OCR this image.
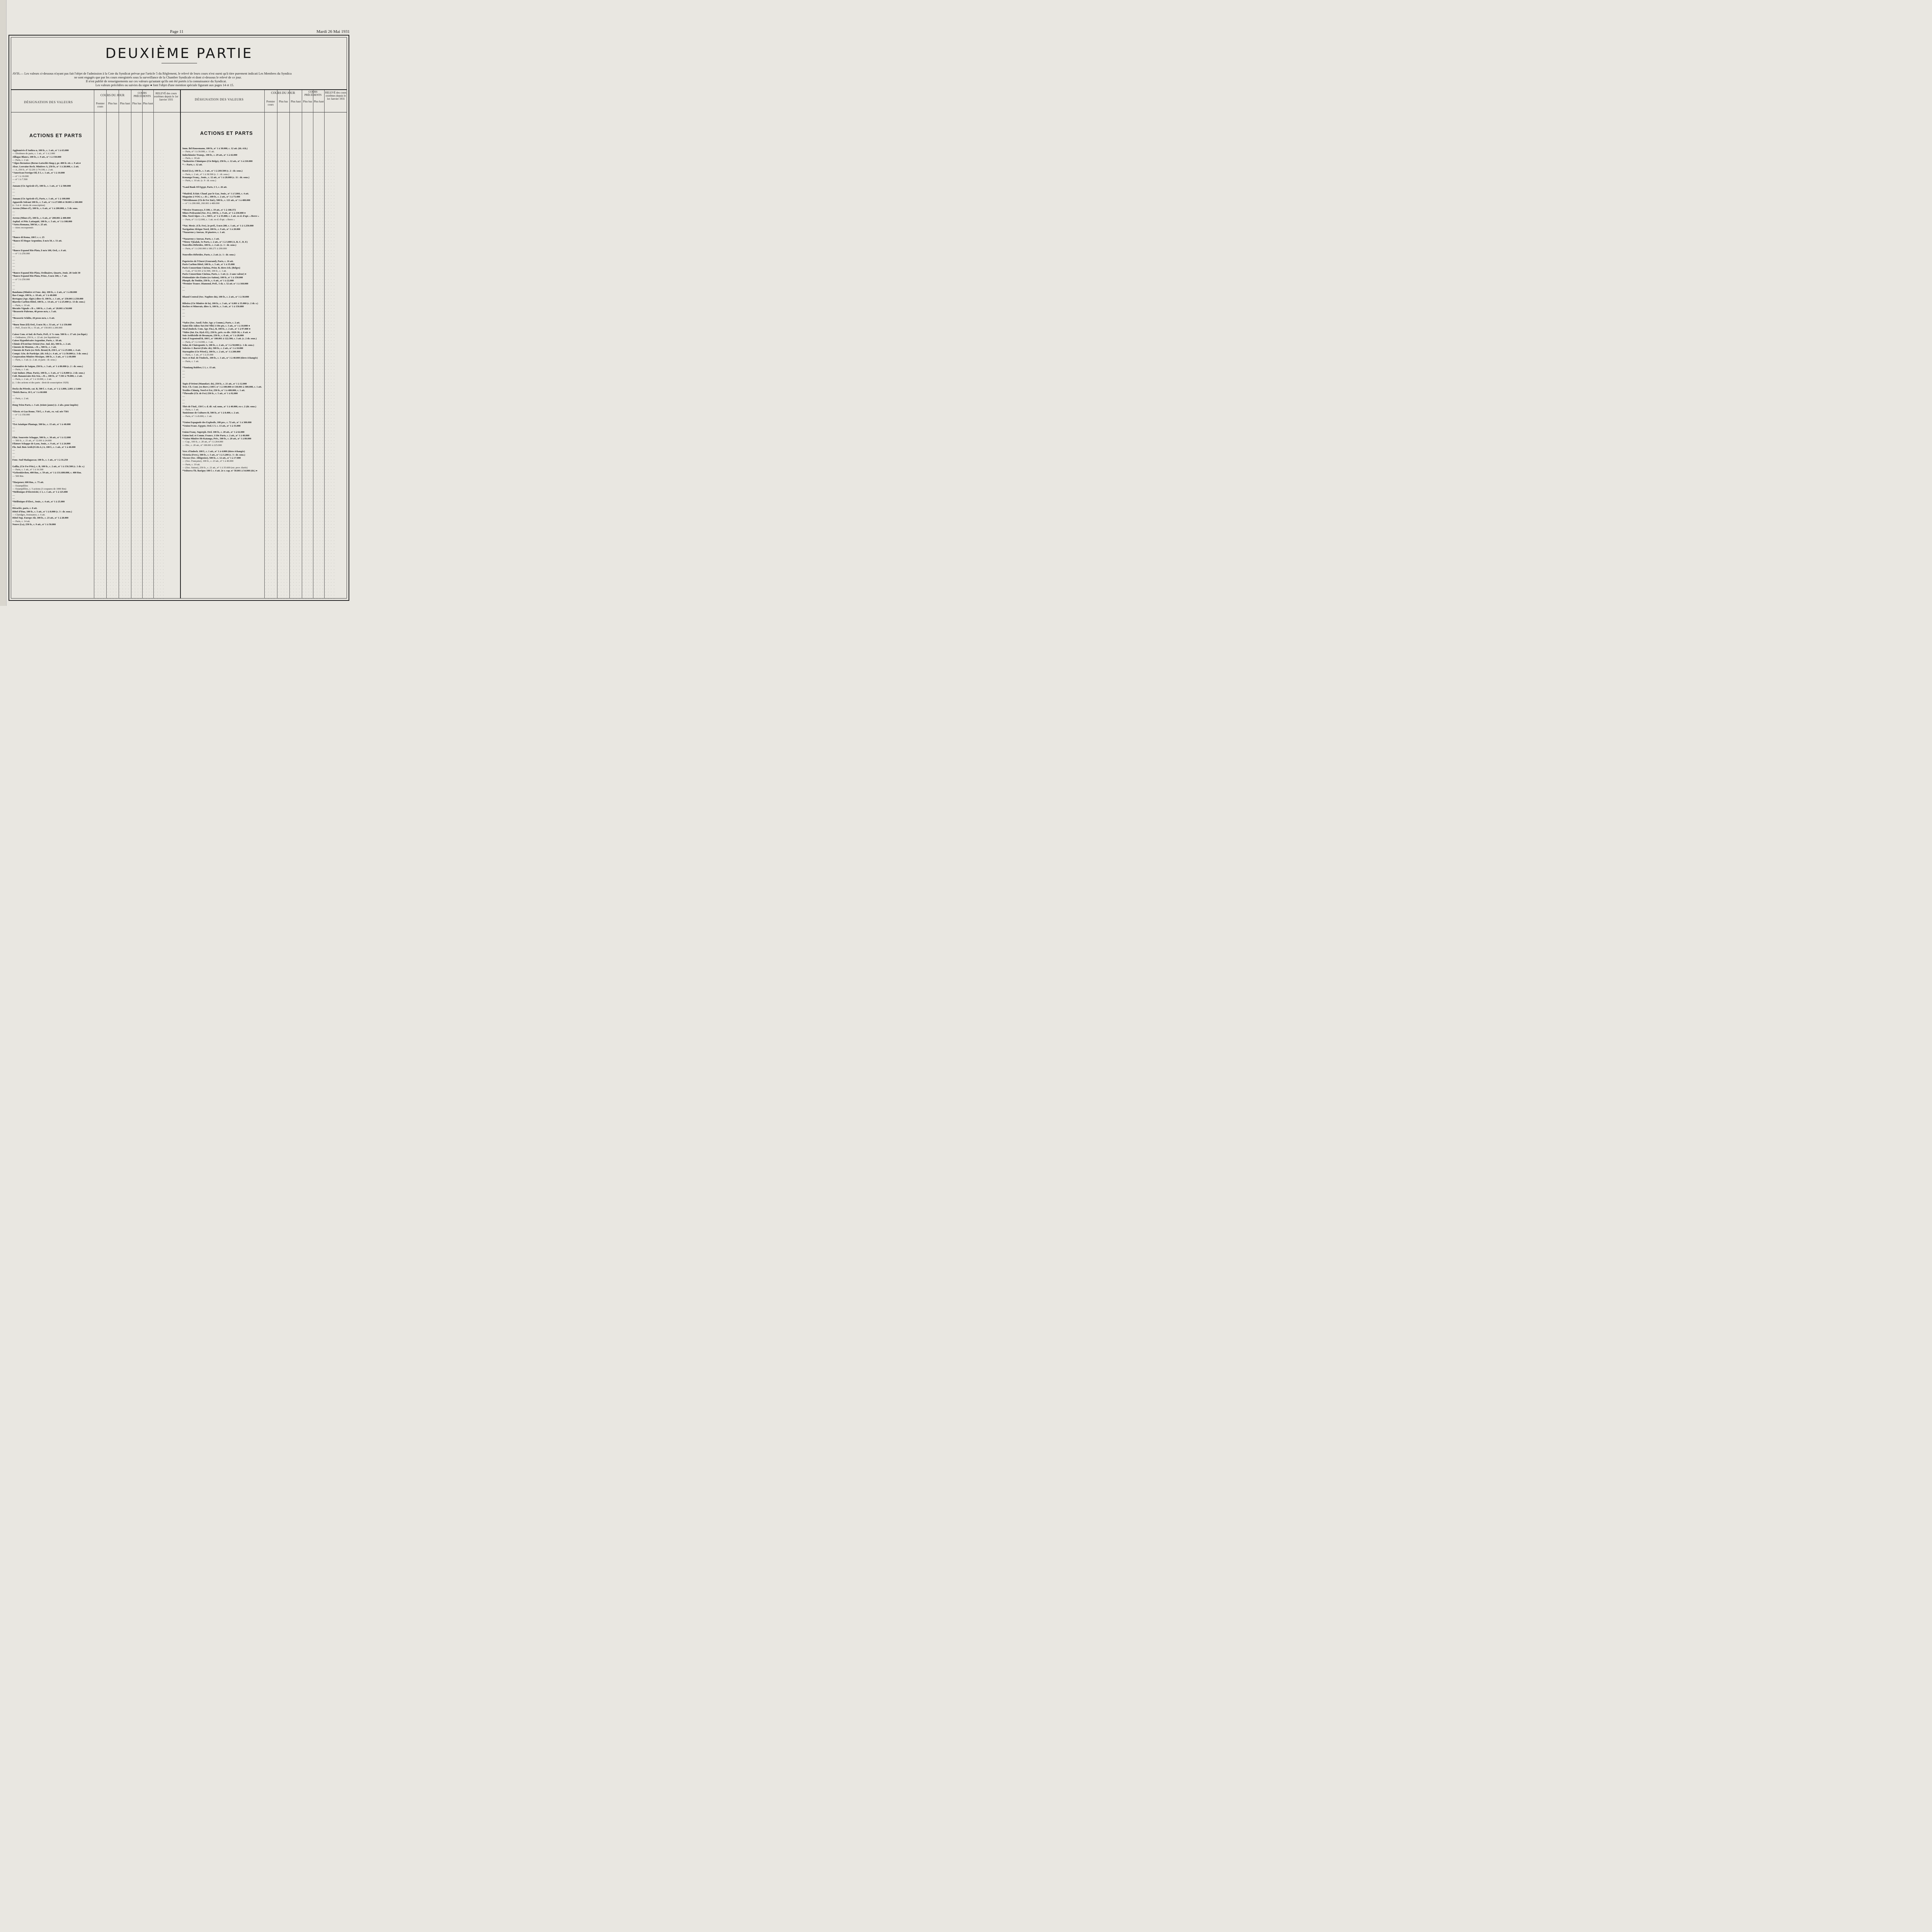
Page 11	Mardi 26 Mai 1931
DEUXIÈME PARTIE
AVIS.— Les valeurs ci-dessous n'ayant pas fait l'objet de l'admission à la Cote du Syndicat prévue par l'article 5 du Règlement, le relevé de leurs cours n'est ourni qu'à titre purement indicati Les Membres du Syndica
ne sont engagés que par les cours enregistrés sous la surveillance de la Chambre Syndicale et dont ci-dessous le relevé de ce jour.
Il n'est publié de renseignements sur ces valeurs qu'autant qu'ils ont été portés à la connaissance du Syndicat.
Les valeurs précédées ou suivies du signe ● font l'objet d'une mention spéciale figurant aux pages 14 et 15.
DÉSIGNATION DES VALEURS
COURS DU JOUR
Premier cours
Plus bas	Plus haut
COURS PRÉCÉDENTS
Plus bas Plus haut
RELEVÉ des cours extrêmes depuis le 1er Janvier 1931	DÉSIGNATION DES VALEURS
COURS DU JOUR
Premier cours
Plus bas	Plus haut
COURS PRÉCÉDENTS
Plus bas Plus haut
RELEVÉ des cours extrêmes depuis le 1er Janvier 1931
ACTIONS ET PARTS	ACTIONS ET PARTS
Agglomérés d'Anthra n, 100 fr., c. 1 att., n° 1 à 63.000
— Dixièmes de parts, c. 1 att., n° 1 à 2.000
Alllagas Blancs, 100 fr., c. 9 att., n° 1 à 150.000
— Parts, c. 2 att.
*Alpes Bernoises (Berne-Lœtschb-Simp.), pr. 400 fr. ett. c. 9 att.●
Alsac. Lorraine Rech. Minières A, 250 fr., n° 1 à 28.000, c. 2 att.
— A, 250 fr., n° 32.201 à 74.100, c. 2 att.
*American Foreign Oil, $ 5, c. 1 att., n° 1 à 10.000
— n° 1 à 10.000
— n° 1 à 7.500
—
Annam (Cie Agricole d'), 100 fr., c. 1 att., n° 1 à 500.000
—
—
—
Annam (Cie Agricole d'), Parts, c. 1 att., n° 1 à 100.000
Appareils Solraut 100 fr., c. 5 att., n° 1 à 27.000 et 30.001 à 100.000
(c. 3 et 4 : droits de souscription)
Arrens (Mines d'), 100 fr., c. 6 att., n° 1 à 200.000, c. 5 dr. sous.
—
—
Arrens (Mines d'), 100 fr., c. 6 att., n° 200.001 à 400.000
Asphal. et Pétr. Lattaquié, 100 fr., c. 5 att., n° 1 à 108.000
*Astra Romana, 500 lei, c. 25 att.
— titres recoupennés
—
*Banco di Roma, 100 l. c. c. 25
*Banco El Hogar Argentino, $ m/n 50, c. 51 att.
—
—
*Banco Espanol Rio Plata, $ m/n 100, Ord., c. 6 att.
— n° 1 à 250.000
—
—
—
—
—
*Banco Espanol Rio Plata, Ordinaires, Quarts, Jouis. 20 Août 30
*Banco Espanol Rio Plata, Prior., $ m/n 100, c. 7 att.
— n° 3 à 250.000
—
—
—
Bandama (Minière et Fonc. du), 100 fr., c. 2 att., n° 1 à 88.000
Bas-Congo, 100 fr., c. 18 att., n° 1 à 40.000
Bertagna (Agr. Algér.) dites O, 100 fr., c. 1 att., n° 250.001 à 250.000
Biarritz Carlton Hôtel, 100 fr., c. 14 att., n° 1 à 25.000 (c. 13 dr. sous.)
— Parts, c. 10 att.
Biscuits Vignals « B », 100 fr., c. 2 att., n° 20.001 à 50.000
*Brasserie Palermo, 40 pesos m/n, c. 5 att.
—
*Brasserie Schiltz, 20 pesos m/n, c. 6 att.
—
*Buen Tono (El) Ord., $ m/n 50, c. 53 att., n° 1 à 150.000
— Préf., $ m/n 50, c. 55 att., n° 150.001 à 200.000
Caisse Com. et Ind. de Paris, Préf., 6 % cum. 500 fr. c. 17 att. (en liqui.)
— Ordinaires, 250 fr., c. 22 att. (en liquidation)
Caisse Hypothécaire Argentine, Parts, c. 18 att.
Chimie d'Extrême-Orient (Soc. Ind. de), 500 fr., c. 2 att.
Ciments de Monton, « B », 500 fr., c. 1 att.
Ciments de Paris (ex-Web. Bront) B, 250 f., n° 1 à 25.000, c. 4 att.
Compt. Gén. de Participe. (tit. éch.) c. 4 att., n° 1 à 50.000 (c. 3 dr. sous.)
Corporation Minière Mexique, 100 fr., c. 3 att., n° 1 à 60.000
— Parts, c. 3 att. (c. 2 att. et parts : dr. sous.)
Cotonnière de Saïgon, 250 fr., c. 3 att., n° 1 à 80.000 (c. 2 : dr. sous.)
— Parts, c. 1 att.
Cuir Indust. (Man. Paris), 100 fr., c. 3 att., n° 1 à 8.000 (c. 2 dr. sous.)
Cult. Bananeraies Kis-Sen, « B », 100 fr., n° 7.501 à 70.000, c. 2 att.
— Parts, c. 2 att., n° 1 à 10.000, c. 2 att.
(c. 1 des actions et des parts : droit de souscription 1929)
Docks du Pétrole, cat. B, 500 f. c. 4 att., n° 1 à 1.800, 2.801 à 5.000
*Dolck Barca, 10 £, n° 1 à 60.000
—
— Parts, c. 2 att.
—
Dong Trieu Parts, c. 3 att. (teinte jaune) (c. 2 abs. pour impôts)
*Electr. et Gaz Rome, 750 l., c. 9 att., ex. val. née 7501
— n° 1 à 150.000
—
—
*Est Asiatique Plantage, 500 kr., c. 15 att., n° 1 à 40.000
—
—
Filat. Sourrette Schappe, 500 fr., c. 30 att., n° 1 à 12.000
— 500 fr., c. 21 att., n° 12.001 à 24.000
Filature Schappe de Lyon, Jouis., c. 9 att., n° 1 à 24.000
Flo. Ind. Bois Artif.(F.I.B.A.) A, 100 f., c. 1 att., n° 1 à 48.000
—
—
—
Fonc. Sud Madagascar, 100 fr., c. 1 att., n° 1 à 16.250
Gallia, (Cie Fse Pétr.), c. B, 100 fr., c. 2 att., n° 1 à 156.500 (c. 1 dr. s.)
— Parts, c. 1 att., n° 1 à 16.500
*Gelsenkirchen, 400 Rm., c. 59 att., n° 1 à 131.600.000, c. 400 Rm.
— 500 Rm.
*Harpener, 600 Rm., c. 75 att.
— Estampillées
— Estampillées, c. 5 actions (3 coupures de 1000 Rm)
*Hellénique d'Electricité, £ 1, c. 1 att., n° 1 à 125.000
—
—
*Hellénique d'Elect., Jouis., c. 4 att., n° 1 à 25.000
—
Héraclée, parts, c. 8 att.
Hôtel d'léna, 100 fr., c. 5 att., n° 1 à 8.000 (c. 3 : dr. sous.)
— Claridges, Jouissance, c. 6 att.
Hôtel Sup. Europe Alt, 100 fr., c. 23 att., n° 1 à 28.000
— Parts, c. 14 att.
Nouve (La), 250 fr., c. 9 att., n° 1 à 50.000
Imm. Bd Haussmann, 100 fr., n° 1 à 30.000, c. 12 att. (tit. éch.)
— Parts, n° 1 à 30.000, c. 11 att.
Indochinoise Transp., 100 fr., c. 29 att., n° 1 à 42.000
— Parts, c. 18 att.
*Industries Chimiques (Cie Belge), 250 fr., c. 12 att., n° 1 à 210.000
*— Parts, c. 12 att.
Kotol (Le), 100 fr., c. 3 att., n° 1 à 269.500 (c. 2 : dr. sous.)
— Parts, c. 2 att., n° 1 à 38.500 (c. 1 : dr. sous.)
Kouango Franç., Jouis., c. 12 att., n° 1 à 28.000 (c. 11 : dr. sous.)
— Parts, c. 10 att. (c. 9 : dr. sous.)
*Land Bank Of Egypt, Parts, £ 5, c. 26 att.
*Madrid, Eclair. Chauf. par le Gaz, Jouis., n° 1 à 5.866, c. 4 att.
Magasins à VOG s, « B », 100 fr., c. 2 att., n° 1 à 73.400
*Méridionaux (Ch de Fer Ital.), 500 fr., c. 121 att., n° 1 à 480.000
— n° 1 à 200.000, 260.001 à 480.000
*Mexico Tramways, $ 100, c. 19 att., n° 1 à 108.372
Mines Pedrazzini (Soc. Fr.), 100 fr., c. 9 att., n° 1 à 230.000 ●
Min. Nord Alpes « A », 500 f., n° 1 à 35.000, c. 1 att. ex-d. d'opt. « Berre »
— Parts, n° 1 à 12.000, c. 1 att. ex-d. d'opt. « Berre »
*Nat. Mexic. (Ch. Fer), 2e préf., $ m/n 200, c. 1 att., n° 1 à 1.250.000
Navigation Afrique Nord, 100 fr., c. 9 att., n° 1 à 20.000
*Nazareno y Anexas, 10 piastres, c. 1 att.
*Nazareno y Anexas, Parts, c. 1 att.
*Nieuw Tjisalak, 5e Parts, c. 2 att., n° 1 à 3.000 (A, B, C, D, E)
Nouvelles-Hébrides, 100 fr., c. 2 att. (c. 1 : dr. sous.)
— Parts, n° 1 à 260.000 à 180.271 à 290.000
Nouvelles-Hébrides, Parts, c. 2 att. (c. 1 : dr. sous.)
Papeteries de l'Ouest (Gourand), Parts, c. 16 att.
Paris Carlton Hôtel, 100 fr., c. 5 att., n° 1 à 35.000
Paris-Consortium Cinéma, Prior. B, titres éch. (Belges)
— 5 att., n° 52.501 à 52.500, 100 fr., c. 1 att.
Paris-Consortium Cinéma, Parts, c. 1 att. (c. 2 sans valeur) ●
Péninsulaire des Etains (ex-Saïton), 100 fr., n° 1 à 150.000
Phosph. du Tonkin, 250 fr., c. 6 att., n° 1 à 22.000
*Premier Transv. Diamond, Préf., 5 sh. c. 52 att. n° 1 à 160.000
—
—
Rhand Central (Soc. Naphtes du), 100 fr., c. 2 att., n° 1 à 30.000
Ribeira (Cie Minière de la), 100 fr., c. 3 att., n° 6.001 à 35.000 (c. 2 dr. s.)
Roches et Minerais, dites A, 100 fr., c. 3 att., n° 1 à 150.000
—
—
—
*Safco (Soc. Auxil. Fabr. Agr. y Comm.), Parts, c. 2 att.
Saint-Elie Adieu-Tat (Sté Nlle) 1/10e pts, c. 5 att., n° 1 à 10.000 ●
Sicaf (Indoch. Com. Agr. Fin.), B, 100 fr., c. 2 att., n° 1 à 97.000 ●
*Sidro (Int. En. Hyd.-El.), 250 fr., priv. ex-div. 1929-30, c. 8 att. ●
Soie Artificielle de Besançon, 250 fr., c. 8 att., n° 1 à 28.000
Soie d'Argenteuil B, 100 f., n° 100.001 à 122.500, c. 3 att. (c. 2 dr. sous.)
— Parts, n° 1 à 14.000, c. 1 att.
Solar, de Clairegoutte A, 100 fr., c. 2 att., n° 1 à 50.000 (c. 1 dr. sous.)
Soleries J. Barret (Fabr. de), 500 fr., c. 2 att., n° 1 à 10.000
Starnaphte (Cie Pétrol.), 100 fr., c. 2 att., n° 1 à 200.000
— Parts, c. 1 att., n° 1 à 25.000
Sucr. et Raf. de l'Indoch., 100 fr., c. 1 att., n° 1 à 40.000 (titres échangés)
— Parts, c. 1 att.
*Tamiang Rubber, £ 1, c. 15 att.
—
—
—
Tapis d'Orient (Manufact. de), 250 fr., c. 21 att., n° 1 à 12.000
Text. Cb. Cont. (ex-Borv.) 100 f. n° 1 à 100.000 et 130.001 à 300.000, c. 1 att.
Textiles Chimiq. Nord et Est, 250 fr., n° 1 à 400.000, c. 1 att.
*Thessalie (Ch. de Fer) 250 fr., c. 5 att., n° 1 à 92.000
—
—
—
Thés de l'Ind., 150 f. s. d. dé. val. nom., n° 1 à 40.000, ex-c. 2 (dr. sous.)
— Parts, c. 1 att.
Tunisienne de Cultures B, 500 fr., n° 1 à 8.400, c. 2 att.
— Parts, n° 1 à 8.000, c. 1 att.
*Union Espagnole des Explosifs, 100 pes., c. 72 att., n° 1 à 300.000
*Union Franc. Egypte, Ord. £ 5. c. 13 att., n° 1 à 35.000
—
Union Franç. Superph. Ord. 100 fr., c. 20 att., n° 1 à 62.000
Union Ind. et Comm. France, 1/10e Parts, c. 2 att., n° 1 à 40.000
*Union Minière Ht-Katanga, Priv., 500 fr., c. 20 att., n° 1 à 80.000
— Cap., 100 fr., c. 20 att., n° 1 à 264.000
— Div., c. 20 att., n° 100.001 à 225.000
Verr. d'Indoch. 100 f., c. 1 att., n° 1 à 4.000 (titres échangés)
Victoria (Ferr.), 500 fr., c. 5 att., n° 1 à 3.200 (c. 3 : dr. sous.)
Viscose (Soc. Albigeoise), 500 fr., c. 12 att., n° 1 à 17.000
— (Soc. Française), 100 fr., c. 23 att., n° 1 à 40.000
— Parts, c. 19 att.
— (Soc. Suisse), 250 fr., c. 21 att., n° 1 à 35.600 (est. prov. durée)
*Voltorra Th. Barigoy 100 f. c. 4 att. 2e r. cap. n° 50.001 à 54.000 (tit.) ●
· · · ·
· · · ·
· · · ·
· · · ·
· · · ·
· · · ·
· · · ·
· · · ·
· · · ·
· · · ·
· · · ·
· · · ·
· · · ·
· · · ·
· · · ·
· · · ·
· · · ·
· · · ·
· · · ·
· · · ·
· · · ·
· · · ·
· · · ·
· · · ·
· · · ·
· · · ·
· · · ·
· · · ·
· · · ·
· · · ·
· · · ·
· · · ·
· · · ·
· · · ·
· · · ·
· · · ·
· · · ·
· · · ·
· · · ·
· · · ·
· · · ·
· · · ·
· · · ·
· · · ·
· · · ·
· · · ·
· · · ·
· · · ·
· · · ·
· · · ·
· · · ·
· · · ·
· · · ·
· · · ·
· · · ·
· · · ·
· · · ·
· · · ·
· · · ·
· · · ·
· · · ·
· · · ·
· · · ·
· · · ·
· · · ·
· · · ·
· · · ·
· · · ·
· · · ·
· · · ·
· · · ·
· · · ·
· · · ·
· · · ·
· · · ·
· · · ·
· · · ·
· · · ·
· · · ·
· · · ·
· · · ·
· · · ·
· · · ·
· · · ·
· · · ·
· · · ·
· · · ·
· · · ·
· · · ·
· · · ·
· · · ·
· · · ·
· · · ·
· · · ·
· · · ·
· · · ·
· · · ·
· · · ·
· · · ·
· · · ·
· · · ·
· · · ·
· · · ·
· · · ·
· · · ·
· · · ·
· · · ·
· · · ·
· · · ·
· · · ·
· · · ·
· · · ·
· · · ·
· · · ·
· · · ·
· · · ·
· · · ·
· · · ·
· · · ·
· · · ·
· · · ·
· · · ·
· · · ·
· · · ·
· · · ·
· · · ·
· · · ·
· · · ·
· · · ·
· · · ·
· · · ·
· · · ·
· · · ·
· · · ·
· · · ·
· · · ·
· · · ·
· · · ·
· · · ·
· · · ·

· · · ·
· · · ·
· · · ·
· · · ·
· · · ·
· · · ·
· · · ·
· · · ·
· · · ·
· · · ·
· · · ·
· · · ·
· · · ·
· · · ·
· · · ·
· · · ·
· · · ·
· · · ·
· · · ·
· · · ·
· · · ·
· · · ·
· · · ·
· · · ·
· · · ·
· · · ·
· · · ·
· · · ·
· · · ·
· · · ·
· · · ·
· · · ·
· · · ·
· · · ·
· · · ·
· · · ·
· · · ·
· · · ·
· · · ·
· · · ·
· · · ·
· · · ·
· · · ·
· · · ·
· · · ·
· · · ·
· · · ·
· · · ·
· · · ·
· · · ·
· · · ·
· · · ·
· · · ·
· · · ·
· · · ·
· · · ·
· · · ·
· · · ·
· · · ·
· · · ·
· · · ·
· · · ·
· · · ·
· · · ·
· · · ·
· · · ·
· · · ·
· · · ·
· · · ·
· · · ·
· · · ·
· · · ·
· · · ·
· · · ·
· · · ·
· · · ·
· · · ·
· · · ·
· · · ·
· · · ·
· · · ·
· · · ·
· · · ·
· · · ·
· · · ·
· · · ·
· · · ·
· · · ·
· · · ·
· · · ·
· · · ·
· · · ·
· · · ·
· · · ·
· · · ·
· · · ·
· · · ·
· · · ·
· · · ·
· · · ·
· · · ·
· · · ·
· · · ·
· · · ·
· · · ·
· · · ·
· · · ·
· · · ·
· · · ·
· · · ·
· · · ·
· · · ·
· · · ·
· · · ·
· · · ·
· · · ·
· · · ·
· · · ·
· · · ·
· · · ·
· · · ·
· · · ·
· · · ·
· · · ·
· · · ·
· · · ·
· · · ·
· · · ·
· · · ·
· · · ·
· · · ·
· · · ·
· · · ·
· · · ·
· · · ·
· · · ·
· · · ·
· · · ·
· · · ·
· · · ·

· · · ·
· · · ·
· · · ·
· · · ·
· · · ·
· · · ·
· · · ·
· · · ·
· · · ·
· · · ·
· · · ·
· · · ·
· · · ·
· · · ·
· · · ·
· · · ·
· · · ·
· · · ·
· · · ·
· · · ·
· · · ·
· · · ·
· · · ·
· · · ·
· · · ·
· · · ·
· · · ·
· · · ·
· · · ·
· · · ·
· · · ·
· · · ·
· · · ·
· · · ·
· · · ·
· · · ·
· · · ·
· · · ·
· · · ·
· · · ·
· · · ·
· · · ·
· · · ·
· · · ·
· · · ·
· · · ·
· · · ·
· · · ·
· · · ·
· · · ·
· · · ·
· · · ·
· · · ·
· · · ·
· · · ·
· · · ·
· · · ·
· · · ·
· · · ·
· · · ·
· · · ·
· · · ·
· · · ·
· · · ·
· · · ·
· · · ·
· · · ·
· · · ·
· · · ·
· · · ·
· · · ·
· · · ·
· · · ·
· · · ·
· · · ·
· · · ·
· · · ·
· · · ·
· · · ·
· · · ·
· · · ·
· · · ·
· · · ·
· · · ·
· · · ·
· · · ·
· · · ·
· · · ·
· · · ·
· · · ·
· · · ·
· · · ·
· · · ·
· · · ·
· · · ·
· · · ·
· · · ·
· · · ·
· · · ·
· · · ·
· · · ·
· · · ·
· · · ·
· · · ·
· · · ·
· · · ·
· · · ·
· · · ·
· · · ·
· · · ·
· · · ·
· · · ·
· · · ·
· · · ·
· · · ·
· · · ·
· · · ·
· · · ·
· · · ·
· · · ·
· · · ·
· · · ·
· · · ·
· · · ·
· · · ·
· · · ·
· · · ·
· · · ·
· · · ·
· · · ·
· · · ·
· · · ·
· · · ·
· · · ·
· · · ·
· · · ·
· · · ·
· · · ·
· · · ·
· · · ·

· · · ·
· · · ·
· · · ·
· · · ·
· · · ·
· · · ·
· · · ·
· · · ·
· · · ·
· · · ·
· · · ·
· · · ·
· · · ·
· · · ·
· · · ·
· · · ·
· · · ·
· · · ·
· · · ·
· · · ·
· · · ·
· · · ·
· · · ·
· · · ·
· · · ·
· · · ·
· · · ·
· · · ·
· · · ·
· · · ·
· · · ·
· · · ·
· · · ·
· · · ·
· · · ·
· · · ·
· · · ·
· · · ·
· · · ·
· · · ·
· · · ·
· · · ·
· · · ·
· · · ·
· · · ·
· · · ·
· · · ·
· · · ·
· · · ·
· · · ·
· · · ·
· · · ·
· · · ·
· · · ·
· · · ·
· · · ·
· · · ·
· · · ·
· · · ·
· · · ·
· · · ·
· · · ·
· · · ·
· · · ·
· · · ·
· · · ·
· · · ·
· · · ·
· · · ·
· · · ·
· · · ·
· · · ·
· · · ·
· · · ·
· · · ·
· · · ·
· · · ·
· · · ·
· · · ·
· · · ·
· · · ·
· · · ·
· · · ·
· · · ·
· · · ·
· · · ·
· · · ·
· · · ·
· · · ·
· · · ·
· · · ·
· · · ·
· · · ·
· · · ·
· · · ·
· · · ·
· · · ·
· · · ·
· · · ·
· · · ·
· · · ·
· · · ·
· · · ·
· · · ·
· · · ·
· · · ·
· · · ·
· · · ·
· · · ·
· · · ·
· · · ·
· · · ·
· · · ·
· · · ·
· · · ·
· · · ·
· · · ·
· · · ·
· · · ·
· · · ·
· · · ·
· · · ·
· · · ·
· · · ·
· · · ·
· · · ·
· · · ·
· · · ·
· · · ·
· · · ·
· · · ·
· · · ·
· · · ·
· · · ·
· · · ·
· · · ·
· · · ·
· · · ·
· · · ·
· · · ·

· · · ·
· · · ·
· · · ·
· · · ·
· · · ·
· · · ·
· · · ·
· · · ·
· · · ·
· · · ·
· · · ·
· · · ·
· · · ·
· · · ·
· · · ·
· · · ·
· · · ·
· · · ·
· · · ·
· · · ·
· · · ·
· · · ·
· · · ·
· · · ·
· · · ·
· · · ·
· · · ·
· · · ·
· · · ·
· · · ·
· · · ·
· · · ·
· · · ·
· · · ·
· · · ·
· · · ·
· · · ·
· · · ·
· · · ·
· · · ·
· · · ·
· · · ·
· · · ·
· · · ·
· · · ·
· · · ·
· · · ·
· · · ·
· · · ·
· · · ·
· · · ·
· · · ·
· · · ·
· · · ·
· · · ·
· · · ·
· · · ·
· · · ·
· · · ·
· · · ·
· · · ·
· · · ·
· · · ·
· · · ·
· · · ·
· · · ·
· · · ·
· · · ·
· · · ·
· · · ·
· · · ·
· · · ·
· · · ·
· · · ·
· · · ·
· · · ·
· · · ·
· · · ·
· · · ·
· · · ·
· · · ·
· · · ·
· · · ·
· · · ·
· · · ·
· · · ·
· · · ·
· · · ·
· · · ·
· · · ·
· · · ·
· · · ·
· · · ·
· · · ·
· · · ·
· · · ·
· · · ·
· · · ·
· · · ·
· · · ·
· · · ·
· · · ·
· · · ·
· · · ·
· · · ·
· · · ·
· · · ·
· · · ·
· · · ·
· · · ·
· · · ·
· · · ·
· · · ·
· · · ·
· · · ·
· · · ·
· · · ·
· · · ·
· · · ·
· · · ·
· · · ·
· · · ·
· · · ·
· · · ·
· · · ·
· · · ·
· · · ·
· · · ·
· · · ·
· · · ·
· · · ·
· · · ·
· · · ·
· · · ·
· · · ·
· · · ·
· · · ·
· · · ·
· · · ·
· · · ·

· · · ·
· · · ·
· · · ·
· · · ·
· · · ·
· · · ·
· · · ·
· · · ·
· · · ·
· · · ·
· · · ·
· · · ·
· · · ·
· · · ·
· · · ·
· · · ·
· · · ·
· · · ·
· · · ·
· · · ·
· · · ·
· · · ·
· · · ·
· · · ·
· · · ·
· · · ·
· · · ·
· · · ·
· · · ·
· · · ·
· · · ·
· · · ·
· · · ·
· · · ·
· · · ·
· · · ·
· · · ·
· · · ·
· · · ·
· · · ·
· · · ·
· · · ·
· · · ·
· · · ·
· · · ·
· · · ·
· · · ·
· · · ·
· · · ·
· · · ·
· · · ·
· · · ·
· · · ·
· · · ·
· · · ·
· · · ·
· · · ·
· · · ·
· · · ·
· · · ·
· · · ·
· · · ·
· · · ·
· · · ·
· · · ·
· · · ·
· · · ·
· · · ·
· · · ·
· · · ·
· · · ·
· · · ·
· · · ·
· · · ·
· · · ·
· · · ·
· · · ·
· · · ·
· · · ·
· · · ·
· · · ·
· · · ·
· · · ·
· · · ·
· · · ·
· · · ·
· · · ·
· · · ·
· · · ·
· · · ·
· · · ·
· · · ·
· · · ·
· · · ·
· · · ·
· · · ·
· · · ·
· · · ·
· · · ·
· · · ·
· · · ·
· · · ·
· · · ·
· · · ·
· · · ·
· · · ·
· · · ·
· · · ·
· · · ·
· · · ·
· · · ·
· · · ·
· · · ·
· · · ·
· · · ·
· · · ·
· · · ·
· · · ·
· · · ·
· · · ·
· · · ·
· · · ·
· · · ·
· · · ·
· · · ·
· · · ·
· · · ·
· · · ·
· · · ·
· · · ·
· · · ·
· · · ·
· · · ·
· · · ·
· · · ·
· · · ·
· · · ·
· · · ·
· · · ·
· · · ·

· · · ·
· · · ·
· · · ·
· · · ·
· · · ·
· · · ·
· · · ·
· · · ·
· · · ·
· · · ·
· · · ·
· · · ·
· · · ·
· · · ·
· · · ·
· · · ·
· · · ·
· · · ·
· · · ·
· · · ·
· · · ·
· · · ·
· · · ·
· · · ·
· · · ·
· · · ·
· · · ·
· · · ·
· · · ·
· · · ·
· · · ·
· · · ·
· · · ·
· · · ·
· · · ·
· · · ·
· · · ·
· · · ·
· · · ·
· · · ·
· · · ·
· · · ·
· · · ·
· · · ·
· · · ·
· · · ·
· · · ·
· · · ·
· · · ·
· · · ·
· · · ·
· · · ·
· · · ·
· · · ·
· · · ·
· · · ·
· · · ·
· · · ·
· · · ·
· · · ·
· · · ·
· · · ·
· · · ·
· · · ·
· · · ·
· · · ·
· · · ·
· · · ·
· · · ·
· · · ·
· · · ·
· · · ·
· · · ·
· · · ·
· · · ·
· · · ·
· · · ·
· · · ·
· · · ·
· · · ·
· · · ·
· · · ·
· · · ·
· · · ·
· · · ·
· · · ·
· · · ·
· · · ·
· · · ·
· · · ·
· · · ·
· · · ·
· · · ·
· · · ·
· · · ·
· · · ·
· · · ·
· · · ·
· · · ·
· · · ·
· · · ·
· · · ·
· · · ·
· · · ·
· · · ·
· · · ·
· · · ·
· · · ·
· · · ·
· · · ·
· · · ·
· · · ·
· · · ·
· · · ·
· · · ·
· · · ·
· · · ·
· · · ·
· · · ·
· · · ·
· · · ·
· · · ·
· · · ·
· · · ·
· · · ·
· · · ·
· · · ·
· · · ·
· · · ·
· · · ·
· · · ·
· · · ·
· · · ·
· · · ·
· · · ·
· · · ·
· · · ·
· · · ·
· · · ·
· · · ·

· · · ·
· · · ·
· · · ·
· · · ·
· · · ·
· · · ·
· · · ·
· · · ·
· · · ·
· · · ·
· · · ·
· · · ·
· · · ·
· · · ·
· · · ·
· · · ·
· · · ·
· · · ·
· · · ·
· · · ·
· · · ·
· · · ·
· · · ·
· · · ·
· · · ·
· · · ·
· · · ·
· · · ·
· · · ·
· · · ·
· · · ·
· · · ·
· · · ·
· · · ·
· · · ·
· · · ·
· · · ·
· · · ·
· · · ·
· · · ·
· · · ·
· · · ·
· · · ·
· · · ·
· · · ·
· · · ·
· · · ·
· · · ·
· · · ·
· · · ·
· · · ·
· · · ·
· · · ·
· · · ·
· · · ·
· · · ·
· · · ·
· · · ·
· · · ·
· · · ·
· · · ·
· · · ·
· · · ·
· · · ·
· · · ·
· · · ·
· · · ·
· · · ·
· · · ·
· · · ·
· · · ·
· · · ·
· · · ·
· · · ·
· · · ·
· · · ·
· · · ·
· · · ·
· · · ·
· · · ·
· · · ·
· · · ·
· · · ·
· · · ·
· · · ·
· · · ·
· · · ·
· · · ·
· · · ·
· · · ·
· · · ·
· · · ·
· · · ·
· · · ·
· · · ·
· · · ·
· · · ·
· · · ·
· · · ·
· · · ·
· · · ·
· · · ·
· · · ·
· · · ·
· · · ·
· · · ·
· · · ·
· · · ·
· · · ·
· · · ·
· · · ·
· · · ·
· · · ·
· · · ·
· · · ·
· · · ·
· · · ·
· · · ·
· · · ·
· · · ·
· · · ·
· · · ·
· · · ·
· · · ·
· · · ·
· · · ·
· · · ·
· · · ·
· · · ·
· · · ·
· · · ·
· · · ·
· · · ·
· · · ·
· · · ·
· · · ·
· · · ·
· · · ·
· · · ·
· · · ·

· · · ·
· · · ·
· · · ·
· · · ·
· · · ·
· · · ·
· · · ·
· · · ·
· · · ·
· · · ·
· · · ·
· · · ·
· · · ·
· · · ·
· · · ·
· · · ·
· · · ·
· · · ·
· · · ·
· · · ·
· · · ·
· · · ·
· · · ·
· · · ·
· · · ·
· · · ·
· · · ·
· · · ·
· · · ·
· · · ·
· · · ·
· · · ·
· · · ·
· · · ·
· · · ·
· · · ·
· · · ·
· · · ·
· · · ·
· · · ·
· · · ·
· · · ·
· · · ·
· · · ·
· · · ·
· · · ·
· · · ·
· · · ·
· · · ·
· · · ·
· · · ·
· · · ·
· · · ·
· · · ·
· · · ·
· · · ·
· · · ·
· · · ·
· · · ·
· · · ·
· · · ·
· · · ·
· · · ·
· · · ·
· · · ·
· · · ·
· · · ·
· · · ·
· · · ·
· · · ·
· · · ·
· · · ·
· · · ·
· · · ·
· · · ·
· · · ·
· · · ·
· · · ·
· · · ·
· · · ·
· · · ·
· · · ·
· · · ·
· · · ·
· · · ·
· · · ·
· · · ·
· · · ·
· · · ·
· · · ·
· · · ·
· · · ·
· · · ·
· · · ·
· · · ·
· · · ·
· · · ·
· · · ·
· · · ·
· · · ·
· · · ·
· · · ·
· · · ·
· · · ·
· · · ·
· · · ·
· · · ·
· · · ·
· · · ·
· · · ·
· · · ·
· · · ·
· · · ·
· · · ·
· · · ·
· · · ·
· · · ·
· · · ·
· · · ·
· · · ·
· · · ·
· · · ·
· · · ·
· · · ·
· · · ·
· · · ·
· · · ·
· · · ·
· · · ·
· · · ·
· · · ·
· · · ·
· · · ·
· · · ·
· · · ·
· · · ·
· · · ·
· · · ·
· · · ·
· · · ·

· · · ·
· · · ·
· · · ·
· · · ·
· · · ·
· · · ·
· · · ·
· · · ·
· · · ·
· · · ·
· · · ·
· · · ·
· · · ·
· · · ·
· · · ·
· · · ·
· · · ·
· · · ·
· · · ·
· · · ·
· · · ·
· · · ·
· · · ·
· · · ·
· · · ·
· · · ·
· · · ·
· · · ·
· · · ·
· · · ·
· · · ·
· · · ·
· · · ·
· · · ·
· · · ·
· · · ·
· · · ·
· · · ·
· · · ·
· · · ·
· · · ·
· · · ·
· · · ·
· · · ·
· · · ·
· · · ·
· · · ·
· · · ·
· · · ·
· · · ·
· · · ·
· · · ·
· · · ·
· · · ·
· · · ·
· · · ·
· · · ·
· · · ·
· · · ·
· · · ·
· · · ·
· · · ·
· · · ·
· · · ·
· · · ·
· · · ·
· · · ·
· · · ·
· · · ·
· · · ·
· · · ·
· · · ·
· · · ·
· · · ·
· · · ·
· · · ·
· · · ·
· · · ·
· · · ·
· · · ·
· · · ·
· · · ·
· · · ·
· · · ·
· · · ·
· · · ·
· · · ·
· · · ·
· · · ·
· · · ·
· · · ·
· · · ·
· · · ·
· · · ·
· · · ·
· · · ·
· · · ·
· · · ·
· · · ·
· · · ·
· · · ·
· · · ·
· · · ·
· · · ·
· · · ·
· · · ·
· · · ·
· · · ·
· · · ·
· · · ·
· · · ·
· · · ·
· · · ·
· · · ·
· · · ·
· · · ·
· · · ·
· · · ·
· · · ·
· · · ·
· · · ·
· · · ·
· · · ·
· · · ·
· · · ·
· · · ·
· · · ·
· · · ·
· · · ·
· · · ·
· · · ·
· · · ·
· · · ·
· · · ·
· · · ·
· · · ·
· · · ·
· · · ·
· · · ·
· · · ·

· · · ·
· · · ·
· · · ·
· · · ·
· · · ·
· · · ·
· · · ·
· · · ·
· · · ·
· · · ·
· · · ·
· · · ·
· · · ·
· · · ·
· · · ·
· · · ·
· · · ·
· · · ·
· · · ·
· · · ·
· · · ·
· · · ·
· · · ·
· · · ·
· · · ·
· · · ·
· · · ·
· · · ·
· · · ·
· · · ·
· · · ·
· · · ·
· · · ·
· · · ·
· · · ·
· · · ·
· · · ·
· · · ·
· · · ·
· · · ·
· · · ·
· · · ·
· · · ·
· · · ·
· · · ·
· · · ·
· · · ·
· · · ·
· · · ·
· · · ·
· · · ·
· · · ·
· · · ·
· · · ·
· · · ·
· · · ·
· · · ·
· · · ·
· · · ·
· · · ·
· · · ·
· · · ·
· · · ·
· · · ·
· · · ·
· · · ·
· · · ·
· · · ·
· · · ·
· · · ·
· · · ·
· · · ·
· · · ·
· · · ·
· · · ·
· · · ·
· · · ·
· · · ·
· · · ·
· · · ·
· · · ·
· · · ·
· · · ·
· · · ·
· · · ·
· · · ·
· · · ·
· · · ·
· · · ·
· · · ·
· · · ·
· · · ·
· · · ·
· · · ·
· · · ·
· · · ·
· · · ·
· · · ·
· · · ·
· · · ·
· · · ·
· · · ·
· · · ·
· · · ·
· · · ·
· · · ·
· · · ·
· · · ·
· · · ·
· · · ·
· · · ·
· · · ·
· · · ·
· · · ·
· · · ·
· · · ·
· · · ·
· · · ·
· · · ·
· · · ·
· · · ·
· · · ·
· · · ·
· · · ·
· · · ·
· · · ·
· · · ·
· · · ·
· · · ·
· · · ·
· · · ·
· · · ·
· · · ·
· · · ·
· · · ·
· · · ·
· · · ·
· · · ·
· · · ·
· · · ·

· · · ·
· · · ·
· · · ·
· · · ·
· · · ·
· · · ·
· · · ·
· · · ·
· · · ·
· · · ·
· · · ·
· · · ·
· · · ·
· · · ·
· · · ·
· · · ·
· · · ·
· · · ·
· · · ·
· · · ·
· · · ·
· · · ·
· · · ·
· · · ·
· · · ·
· · · ·
· · · ·
· · · ·
· · · ·
· · · ·
· · · ·
· · · ·
· · · ·
· · · ·
· · · ·
· · · ·
· · · ·
· · · ·
· · · ·
· · · ·
· · · ·
· · · ·
· · · ·
· · · ·
· · · ·
· · · ·
· · · ·
· · · ·
· · · ·
· · · ·
· · · ·
· · · ·
· · · ·
· · · ·
· · · ·
· · · ·
· · · ·
· · · ·
· · · ·
· · · ·
· · · ·
· · · ·
· · · ·
· · · ·
· · · ·
· · · ·
· · · ·
· · · ·
· · · ·
· · · ·
· · · ·
· · · ·
· · · ·
· · · ·
· · · ·
· · · ·
· · · ·
· · · ·
· · · ·
· · · ·
· · · ·
· · · ·
· · · ·
· · · ·
· · · ·
· · · ·
· · · ·
· · · ·
· · · ·
· · · ·
· · · ·
· · · ·
· · · ·
· · · ·
· · · ·
· · · ·
· · · ·
· · · ·
· · · ·
· · · ·
· · · ·
· · · ·
· · · ·
· · · ·
· · · ·
· · · ·
· · · ·
· · · ·
· · · ·
· · · ·
· · · ·
· · · ·
· · · ·
· · · ·
· · · ·
· · · ·
· · · ·
· · · ·
· · · ·
· · · ·
· · · ·
· · · ·
· · · ·
· · · ·
· · · ·
· · · ·
· · · ·
· · · ·
· · · ·
· · · ·
· · · ·
· · · ·
· · · ·
· · · ·
· · · ·
· · · ·
· · · ·
· · · ·
· · · ·
· · · ·
